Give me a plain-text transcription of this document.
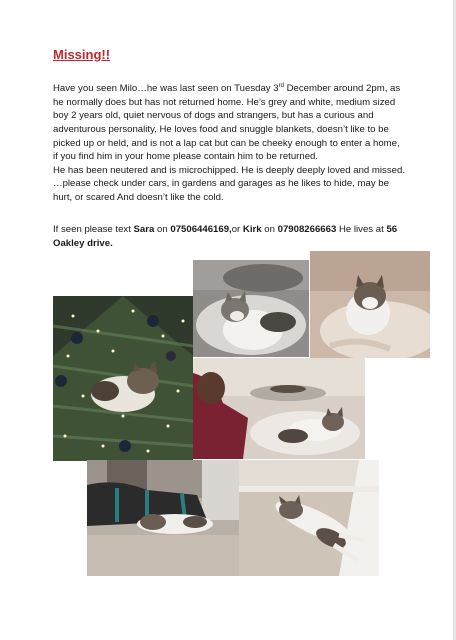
Missing!!

Have you seen Milo…he was last seen on Tuesday 3rd December around 2pm, as he normally does but has not returned home. He’s grey and white, medium sized boy 2 years old, quiet nervous of dogs and strangers, but has a curious and adventurous personality, He loves food and snuggle blankets, doesn’t like to be picked up or held, and is not a lap cat but can be cheeky enough to enter a home, if you find him in your home please contain him to be returned.

He has been neutered and is microchipped. He is deeply deeply loved and missed.

…please check under cars, in gardens and garages as he likes to hide, may be hurt, or scared And doesn’t like the cold.

If seen please text Sara on 07506446169,or Kirk on 07908266663 He lives at 56 Oakley drive.
